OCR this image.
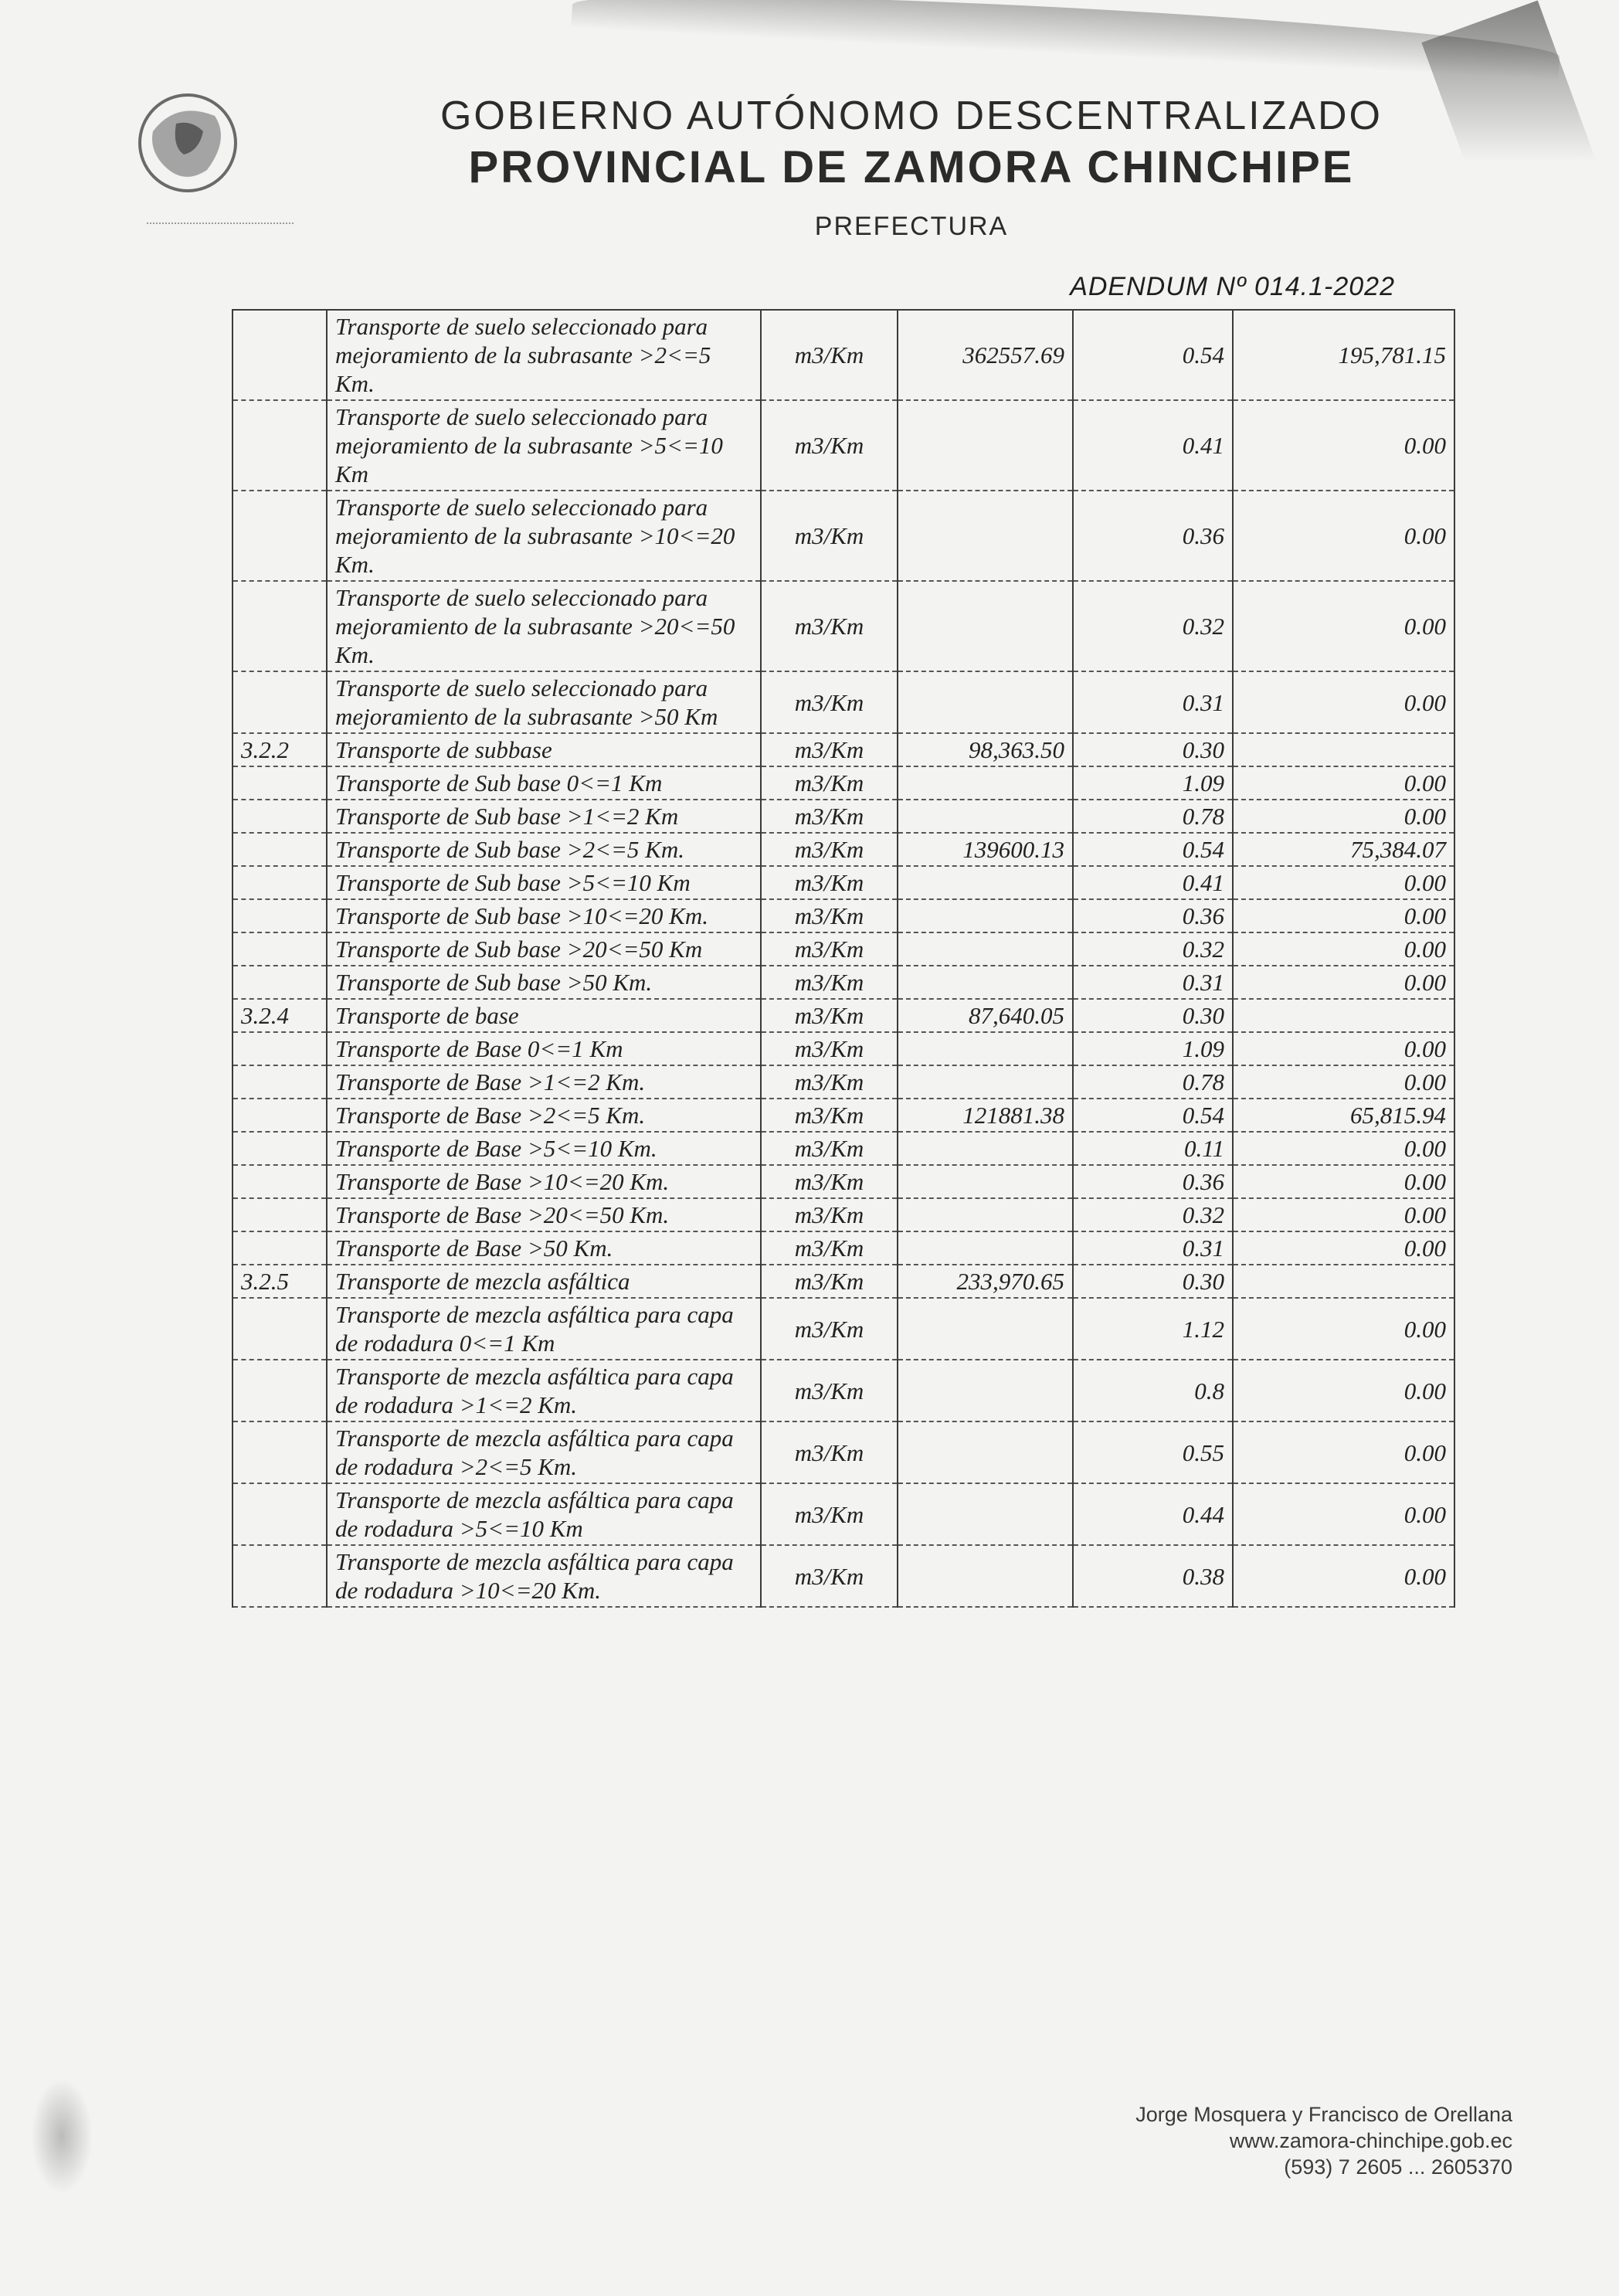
GOBIERNO AUTÓNOMO DESCENTRALIZADO
PROVINCIAL DE ZAMORA CHINCHIPE
PREFECTURA
ADENDUM Nº 014.1-2022
	Transporte de suelo seleccionado para mejoramiento de la subrasante >2<=5 Km.	m3/Km	362557.69	0.54	195,781.15
	Transporte de suelo seleccionado para mejoramiento de la subrasante >5<=10 Km	m3/Km		0.41	0.00
	Transporte de suelo seleccionado para mejoramiento de la subrasante >10<=20 Km.	m3/Km		0.36	0.00
	Transporte de suelo seleccionado para mejoramiento de la subrasante >20<=50 Km.	m3/Km		0.32	0.00
	Transporte de suelo seleccionado para mejoramiento de la subrasante >50 Km	m3/Km		0.31	0.00
3.2.2	Transporte de subbase	m3/Km	98,363.50	0.30	
	Transporte de Sub base 0<=1 Km	m3/Km		1.09	0.00
	Transporte de Sub base >1<=2 Km	m3/Km		0.78	0.00
	Transporte de Sub base >2<=5 Km.	m3/Km	139600.13	0.54	75,384.07
	Transporte de Sub base >5<=10 Km	m3/Km		0.41	0.00
	Transporte de Sub base >10<=20 Km.	m3/Km		0.36	0.00
	Transporte de Sub base >20<=50 Km	m3/Km		0.32	0.00
	Transporte de Sub base >50 Km.	m3/Km		0.31	0.00
3.2.4	Transporte de base	m3/Km	87,640.05	0.30	
	Transporte de Base 0<=1 Km	m3/Km		1.09	0.00
	Transporte de Base >1<=2 Km.	m3/Km		0.78	0.00
	Transporte de Base >2<=5 Km.	m3/Km	121881.38	0.54	65,815.94
	Transporte de Base >5<=10 Km.	m3/Km		0.11	0.00
	Transporte de Base >10<=20 Km.	m3/Km		0.36	0.00
	Transporte de Base >20<=50 Km.	m3/Km		0.32	0.00
	Transporte de Base >50 Km.	m3/Km		0.31	0.00
3.2.5	Transporte de mezcla asfáltica	m3/Km	233,970.65	0.30	
	Transporte de mezcla asfáltica para capa de rodadura 0<=1 Km	m3/Km		1.12	0.00
	Transporte de mezcla asfáltica para capa de rodadura >1<=2 Km.	m3/Km		0.8	0.00
	Transporte de mezcla asfáltica para capa de rodadura >2<=5 Km.	m3/Km		0.55	0.00
	Transporte de mezcla asfáltica para capa de rodadura >5<=10 Km	m3/Km		0.44	0.00
	Transporte de mezcla asfáltica para capa de rodadura >10<=20 Km.	m3/Km		0.38	0.00
Jorge Mosquera y Francisco de Orellana
www.zamora-chinchipe.gob.ec
(593) 7 2605 ... 2605370
